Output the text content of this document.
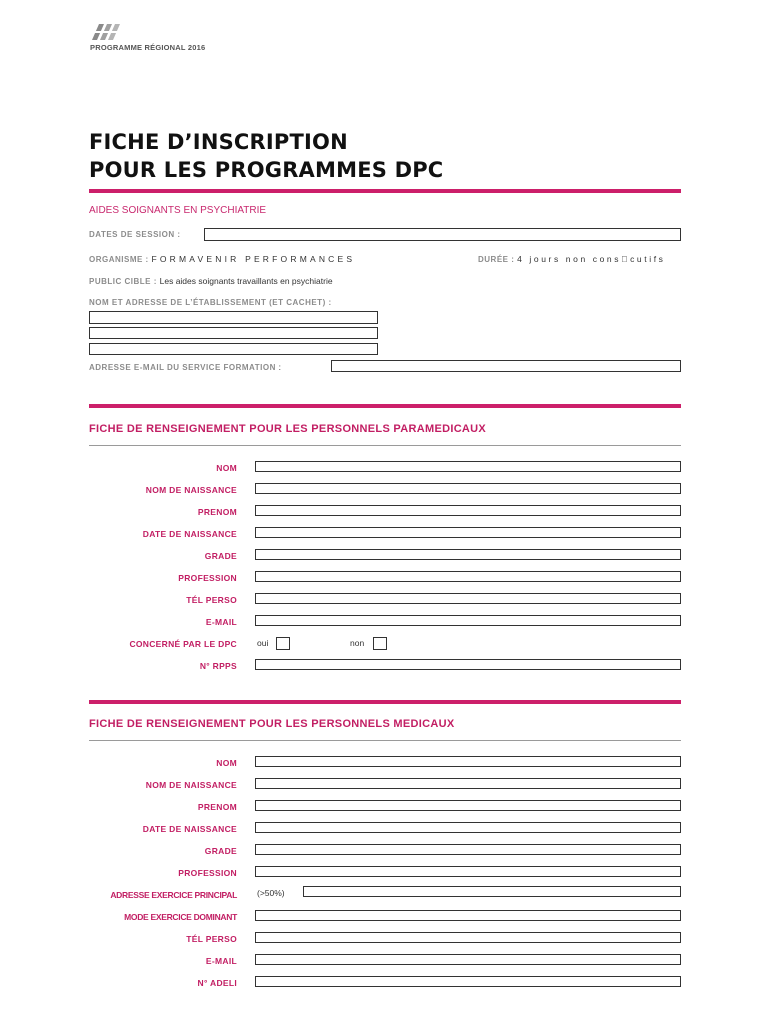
PROGRAMME RÉGIONAL 2016
FICHE D’INSCRIPTION
POUR LES PROGRAMMES DPC
AIDES SOIGNANTS EN PSYCHIATRIE
DATES DE SESSION :
ORGANISME : FORMAVENIR PERFORMANCES	DURÉE : 4 jours non cons cutifs
PUBLIC CIBLE : Les aides soignants travaillants en psychiatrie
NOM ET ADRESSE DE L’ÉTABLISSEMENT (ET CACHET) :
ADRESSE E-MAIL DU SERVICE FORMATION :
FICHE DE RENSEIGNEMENT POUR LES PERSONNELS PARAMEDICAUX
NOM
NOM DE NAISSANCE
PRENOM
DATE DE NAISSANCE
GRADE
PROFESSION
TÉL PERSO
E-MAIL
CONCERNÉ PAR LE DPC oui	non
N° RPPS
FICHE DE RENSEIGNEMENT POUR LES PERSONNELS MEDICAUX
NOM
NOM DE NAISSANCE
PRENOM
DATE DE NAISSANCE
GRADE
PROFESSION
ADRESSE EXERCICE PRINCIPAL (>50%)
MODE EXERCICE DOMINANT
TÉL PERSO
E-MAIL
N° ADELI
